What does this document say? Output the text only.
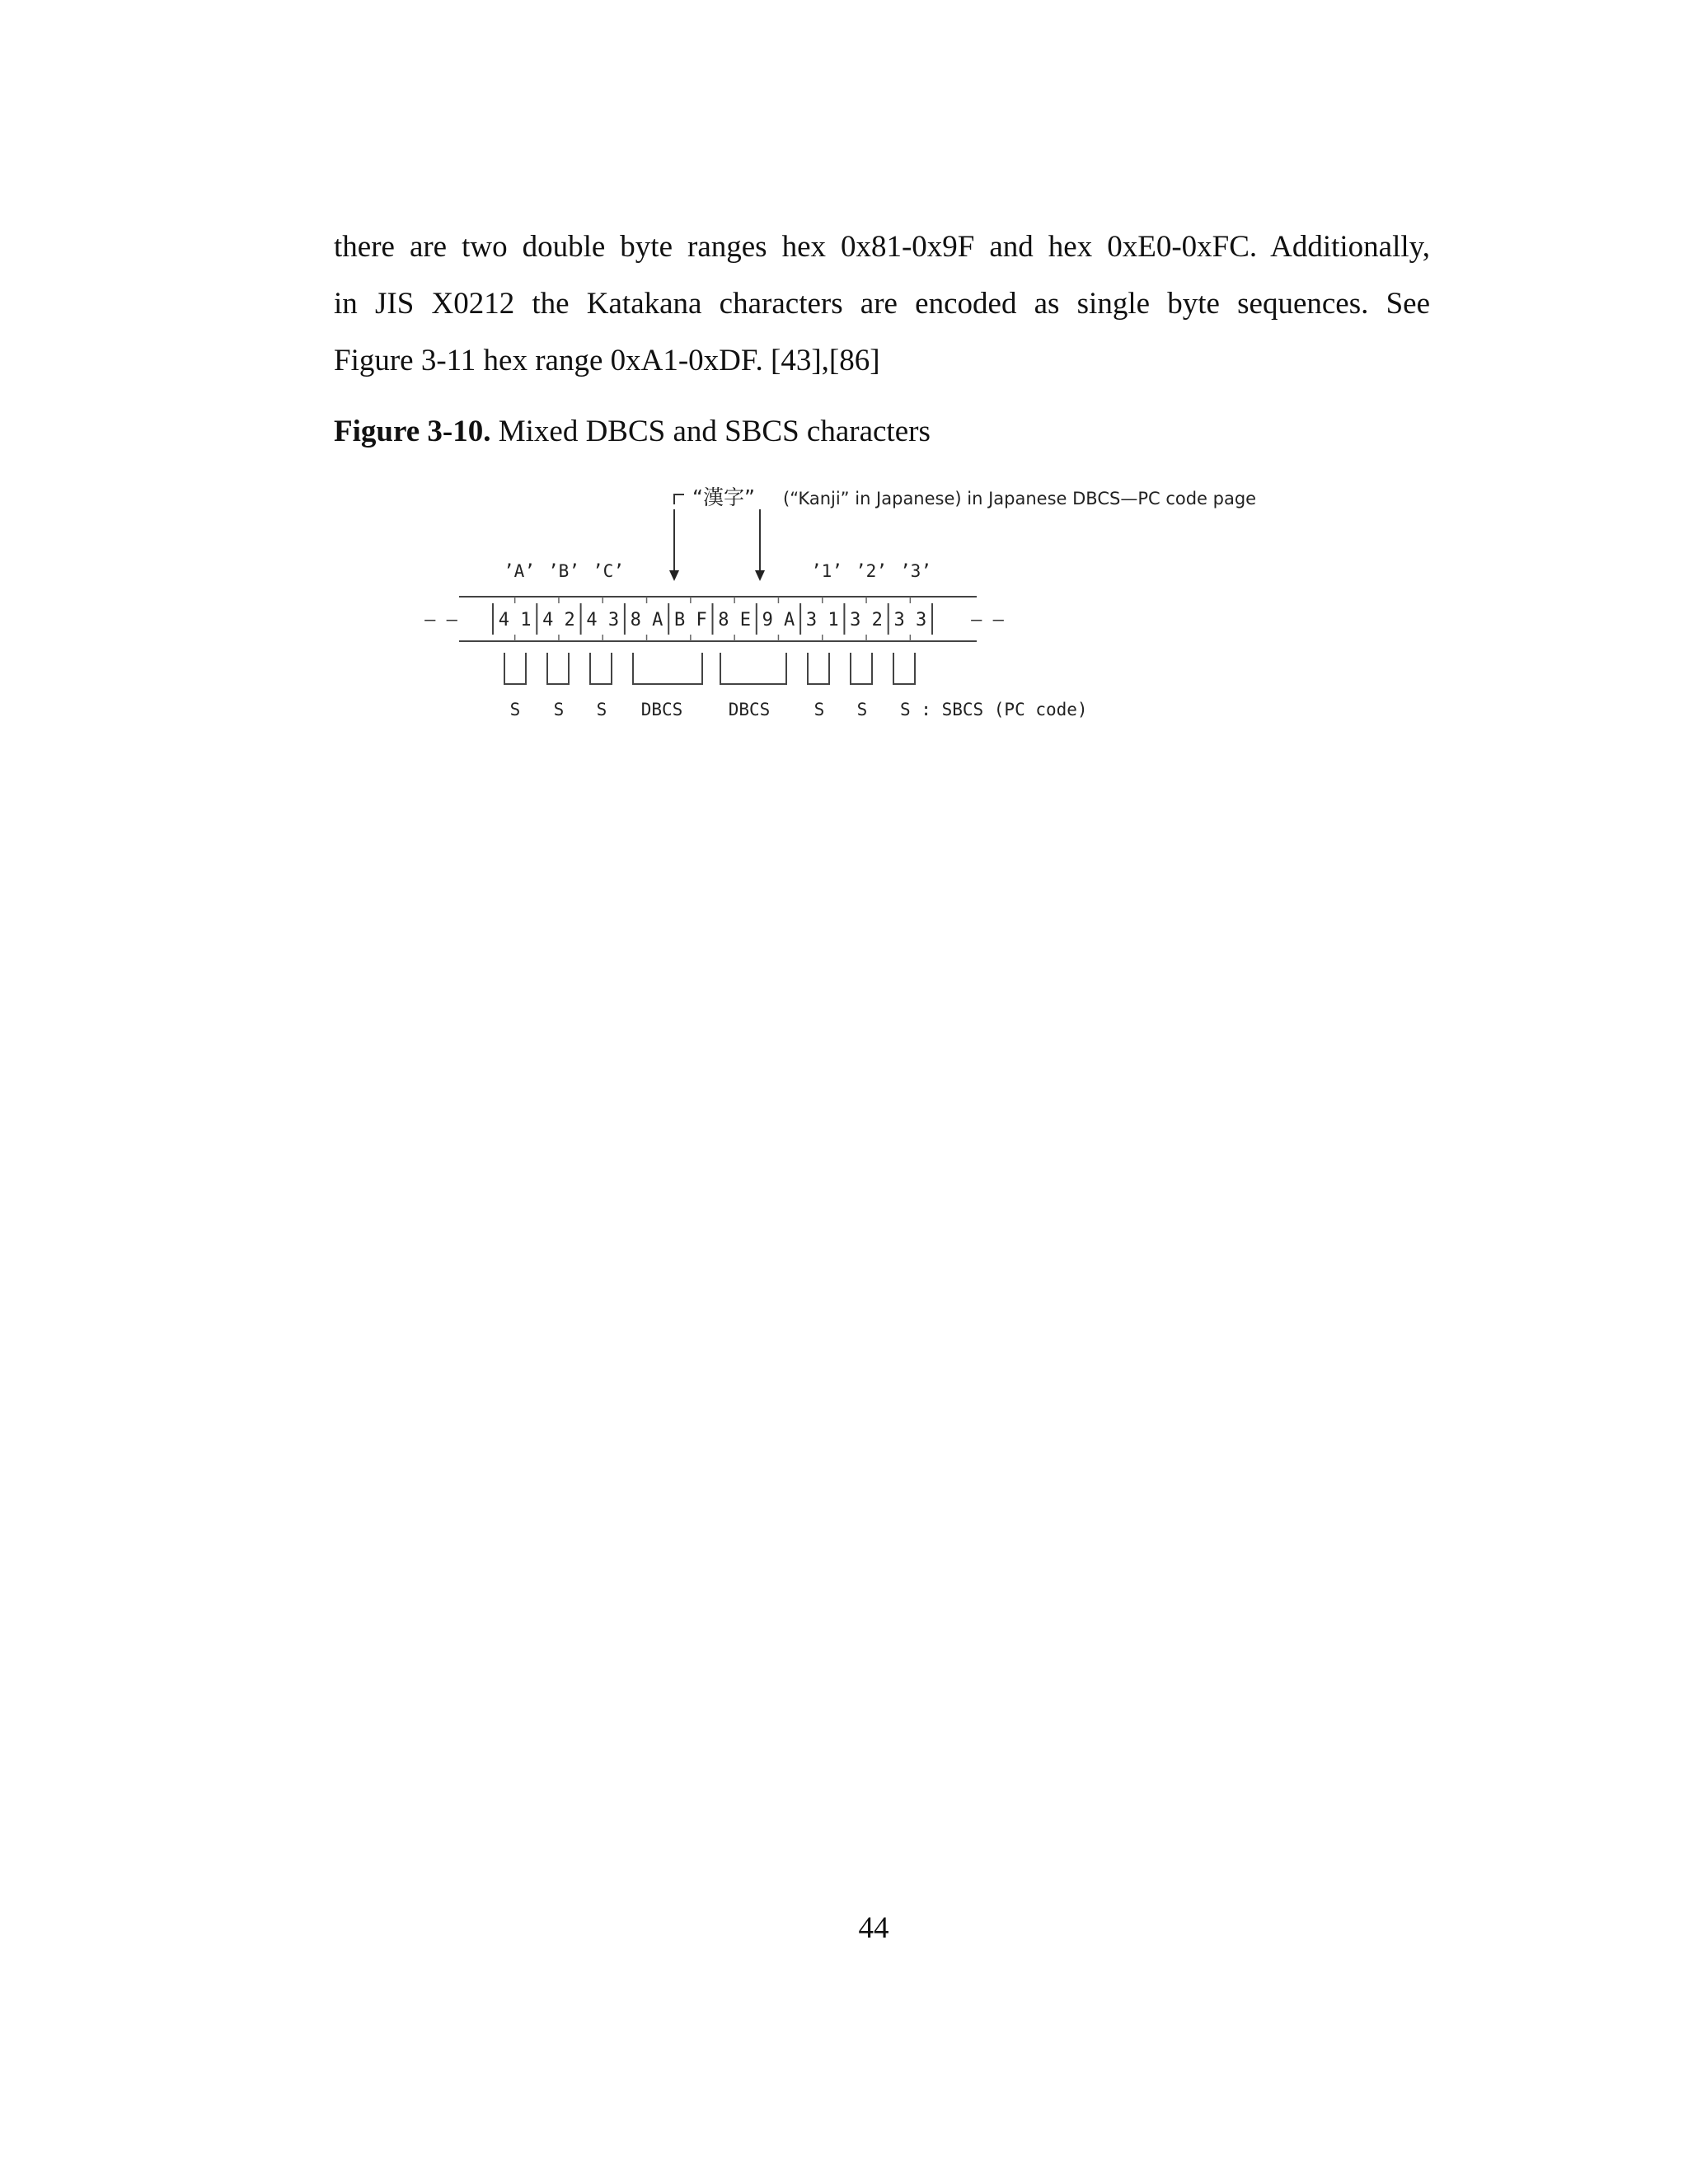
there are two double byte ranges hex 0x81-0x9F and hex 0xE0-0xFC. Additionally,

in JIS X0212 the Katakana characters are encoded as single byte sequences. See

Figure 3-11 hex range 0xA1-0xDF. [43],[86]

Figure 3-10. Mixed DBCS and SBCS characters

“漢字” (“Kanji” in Japanese) in Japanese DBCS—PC code page
’A’ ’B’ ’C’	’1’ ’2’ ’3’
– –	– –
4 1 4 2 4 3 8 A B F 8 E 9 A 3 1 3 2 3 3
S S S DBCS	DBCS	S S S : SBCS (PC code)

44
